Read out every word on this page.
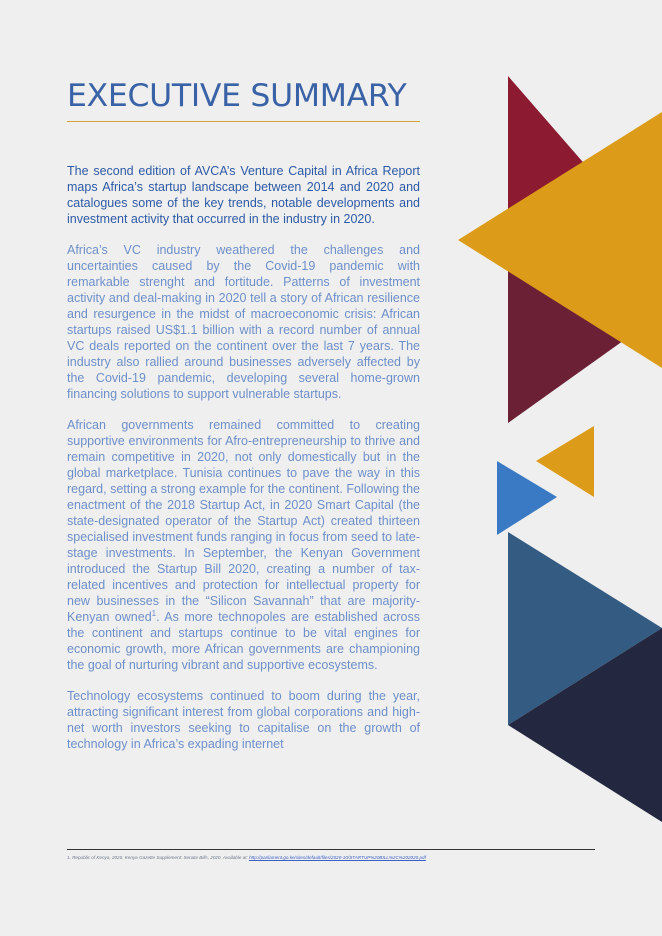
EXECUTIVE SUMMARY

The second edition of AVCA’s Venture Capital in Africa Report maps Africa’s startup landscape between 2014 and 2020 and catalogues some of the key trends, notable developments and investment activity that occurred in the industry in 2020.

Africa’s VC industry weathered the challenges and uncertainties caused by the Covid-19 pandemic with remarkable strenght and fortitude. Patterns of investment activity and deal-making in 2020 tell a story of African resilience and resurgence in the midst of macroeconomic crisis: African startups raised US$1.1 billion with a record number of annual VC deals reported on the continent over the last 7 years. The industry also rallied around businesses adversely affected by the Covid-19 pandemic, developing several home-grown financing solutions to support vulnerable startups.

African governments remained committed to creating supportive environments for Afro-entrepreneurship to thrive and remain competitive in 2020, not only domestically but in the global marketplace. Tunisia continues to pave the way in this regard, setting a strong example for the continent. Following the enactment of the 2018 Startup Act, in 2020 Smart Capital (the state-designated operator of the Startup Act) created thirteen specialised investment funds ranging in focus from seed to late-stage investments. In September, the Kenyan Government introduced the Startup Bill 2020, creating a number of tax-related incentives and protection for intellectual property for new businesses in the “Silicon Savannah” that are majority-Kenyan owned$^1$. As more technopoles are established across the continent and startups continue to be vital engines for economic growth, more African governments are championing the goal of nurturing vibrant and supportive ecosystems.

Technology ecosystems continued to boom during the year, attracting significant interest from global corporations and high-net worth investors seeking to capitalise on the growth of technology in Africa’s expading internet

1. Republic of Kenya, 2020. Kenya Gazette Supplement: Senate Bills, 2020. Available at: http://parliament.go.ke/sites/default/files/2020-10/STARTUP%20BILL%2C%202020.pdf
